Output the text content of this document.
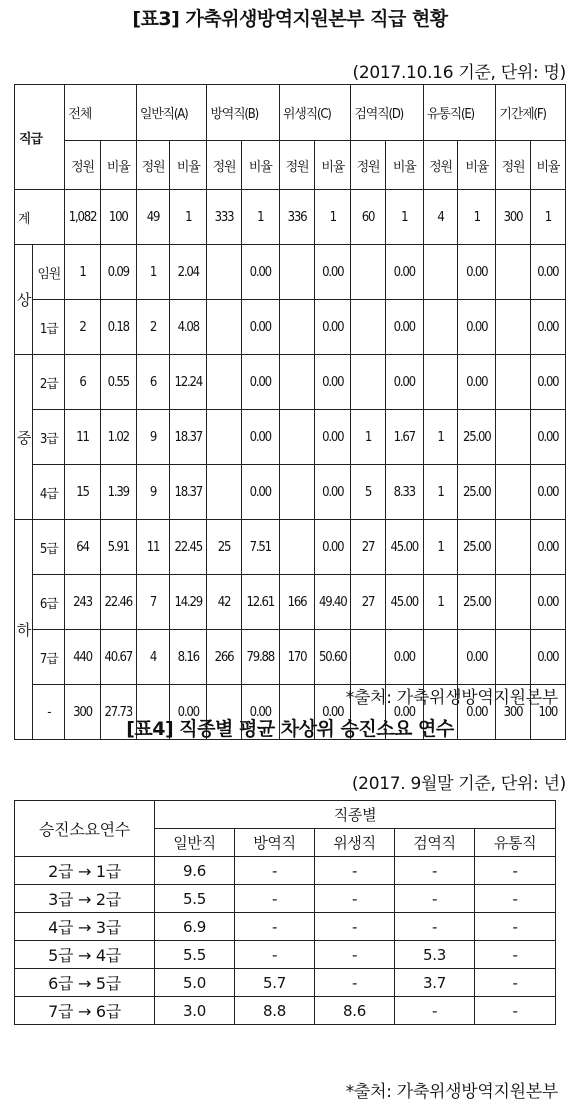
[표3] 가축위생방역지원본부 직급 현황
(2017.10.16 기준, 단위: 명)
직급		전체		일반직(A)		방역직(B)		위생직(C)		검역직(D)		유통직(E)		기간제(F)	
		정원	비율	정원	비율	정원	비율	정원	비율	정원	비율	정원	비율	정원	비율
계		1,082	100	49	1	333	1	336	1	60	1	4	1	300	1
상	임원	1	0.09	1	2.04		0.00		0.00		0.00		0.00		0.00
	1급	2	0.18	2	4.08		0.00		0.00		0.00		0.00		0.00
중	2급	6	0.55	6	12.24		0.00		0.00		0.00		0.00		0.00
	3급	11	1.02	9	18.37		0.00		0.00	1	1.67	1	25.00		0.00
	4급	15	1.39	9	18.37		0.00		0.00	5	8.33	1	25.00		0.00
하	5급	64	5.91	11	22.45	25	7.51		0.00	27	45.00	1	25.00		0.00
	6급	243	22.46	7	14.29	42	12.61	166	49.40	27	45.00	1	25.00		0.00
	7급	440	40.67	4	8.16	266	79.88	170	50.60		0.00		0.00		0.00
	-	300	27.73		0.00		0.00		0.00		0.00		0.00	300	100
*출처: 가축위생방역지원본부
[표4] 직종별 평균 차상위 승진소요 연수
(2017. 9월말 기준, 단위: 년)
승진소요연수	직종별				
	일반직	방역직	위생직	검역직	유통직
2급 → 1급	9.6	-	-	-	-
3급 → 2급	5.5	-	-	-	-
4급 → 3급	6.9	-	-	-	-
5급 → 4급	5.5	-	-	5.3	-
6급 → 5급	5.0	5.7	-	3.7	-
7급 → 6급	3.0	8.8	8.6	-	-
*출처: 가축위생방역지원본부
